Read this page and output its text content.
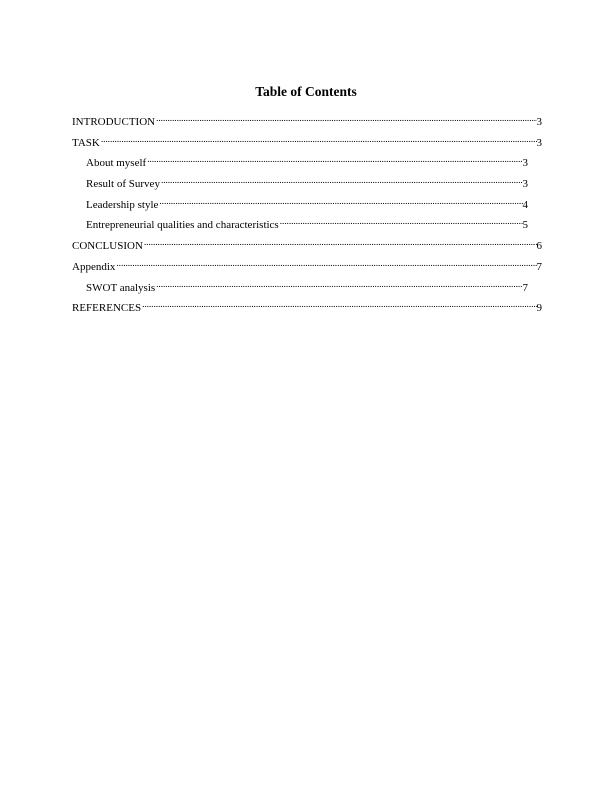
Table of Contents
INTRODUCTION .....	3
TASK .....	3
About myself .....	3
Result of Survey .....	3
Leadership style .....	4
Entrepreneurial qualities and characteristics .....	5
CONCLUSION .....	6
Appendix .....	7
SWOT analysis .....	7
REFERENCES .....	9
